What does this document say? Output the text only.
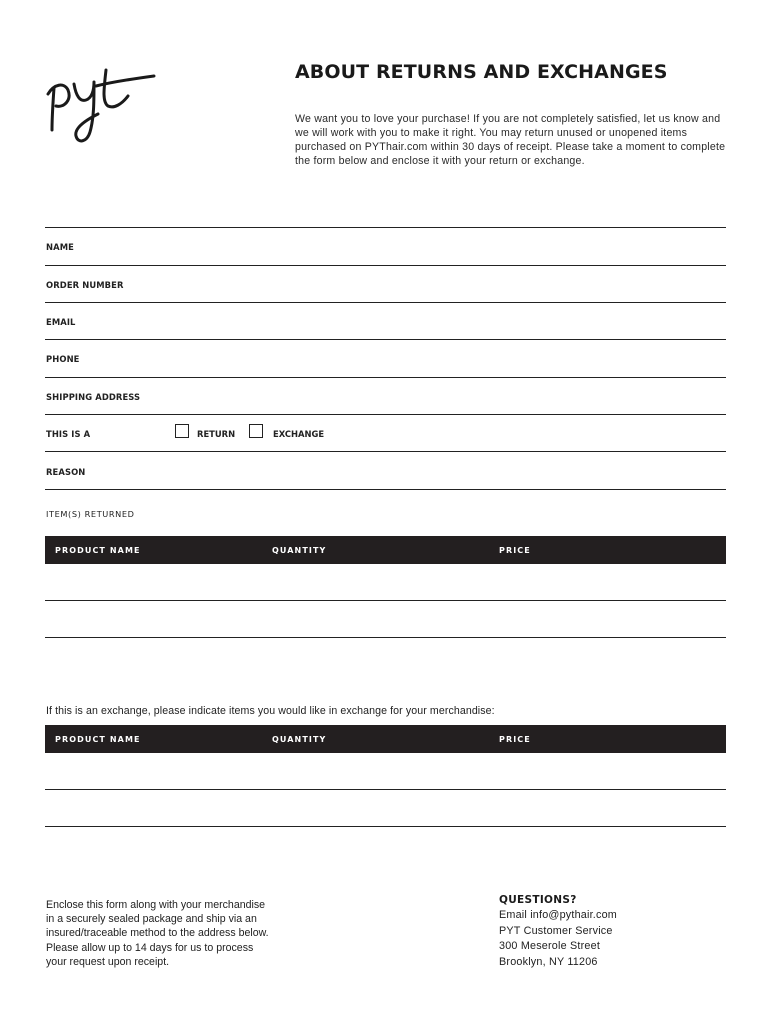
ABOUT RETURNS AND EXCHANGES

We want you to love your purchase! If you are not completely satisfied, let us know and we will work with you to make it right. You may return unused or unopened items purchased on PYThair.com within 30 days of receipt. Please take a moment to complete the form below and enclose it with your return or exchange.

NAME
ORDER NUMBER
EMAIL
PHONE
SHIPPING ADDRESS
THIS IS A	RETURN	EXCHANGE
REASON
ITEM(S) RETURNED
PRODUCT NAME	QUANTITY	PRICE

If this is an exchange, please indicate items you would like in exchange for your merchandise:

PRODUCT NAME	QUANTITY	PRICE

Enclose this form along with your merchandise in a securely sealed package and ship via an insured/traceable method to the address below. Please allow up to 14 days for us to process your request upon receipt.

QUESTIONS?

Email info@pythair.com

PYT Customer Service

300 Meserole Street

Brooklyn, NY 11206
